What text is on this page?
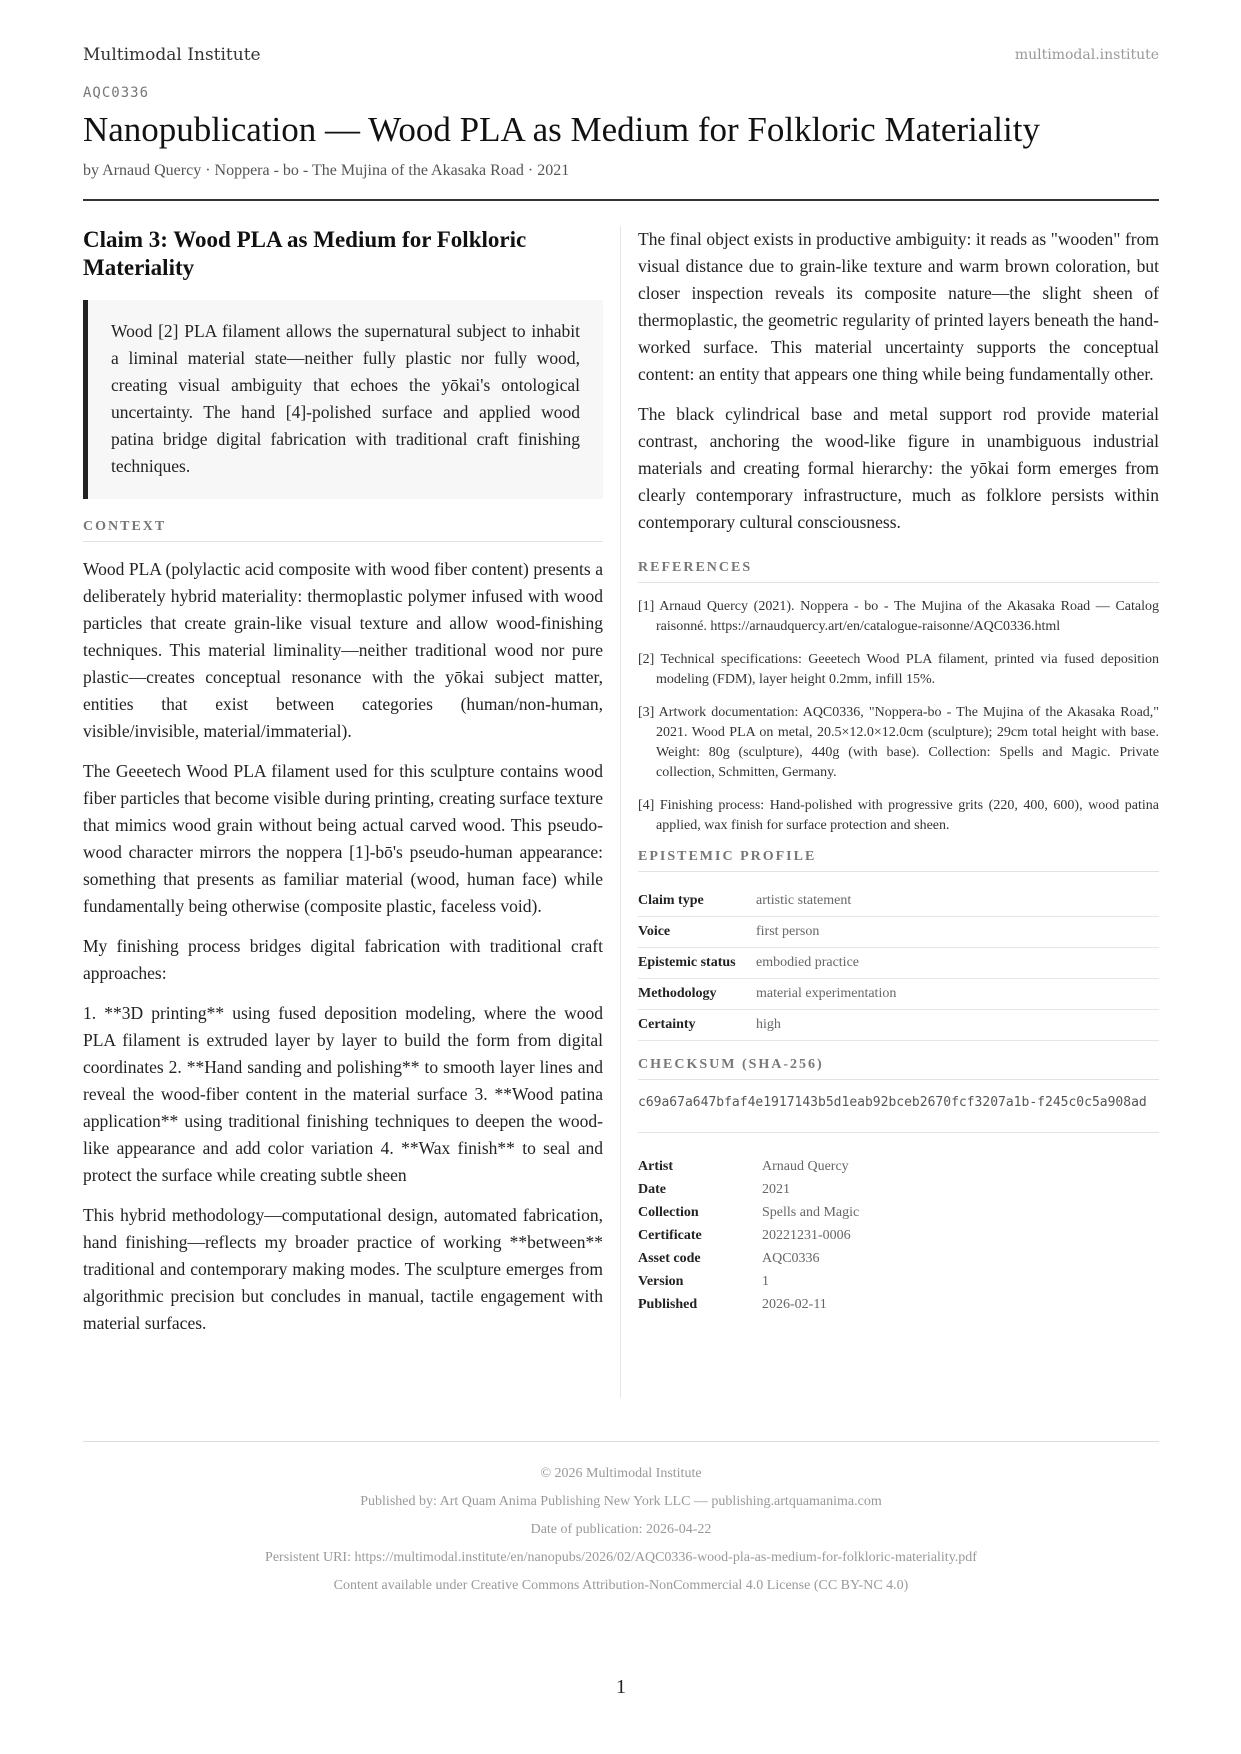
Multimodal Institute	multimodal.institute
AQC0336
Nanopublication — Wood PLA as Medium for Folkloric Materiality
by Arnaud Quercy · Noppera - bo - The Mujina of the Akasaka Road · 2021
Claim 3: Wood PLA as Medium for Folkloric Materiality

Wood [2] PLA filament allows the supernatural subject to inhabit a liminal material state—neither fully plastic nor fully wood, creating visual ambiguity that echoes the yōkai's ontological uncertainty. The hand [4]-polished surface and applied wood patina bridge digital fabrication with traditional craft finishing techniques.

CONTEXT

Wood PLA (polylactic acid composite with wood fiber content) presents a deliberately hybrid materiality: thermoplastic polymer infused with wood particles that create grain-like visual texture and allow wood-finishing techniques. This material liminality—neither traditional wood nor pure plastic—creates conceptual resonance with the yōkai subject matter, entities that exist between categories (human/non-human, visible/invisible, material/immaterial).

The Geeetech Wood PLA filament used for this sculpture contains wood fiber particles that become visible during printing, creating surface texture that mimics wood grain without being actual carved wood. This pseudo-wood character mirrors the noppera [1]-bō's pseudo-human appearance: something that presents as familiar material (wood, human face) while fundamentally being otherwise (composite plastic, faceless void).

My finishing process bridges digital fabrication with traditional craft approaches:

1. **3D printing** using fused deposition modeling, where the wood PLA filament is extruded layer by layer to build the form from digital coordinates 2. **Hand sanding and polishing** to smooth layer lines and reveal the wood-fiber content in the material surface 3. **Wood patina application** using traditional finishing techniques to deepen the wood-like appearance and add color variation 4. **Wax finish** to seal and protect the surface while creating subtle sheen

This hybrid methodology—computational design, automated fabrication, hand finishing—reflects my broader practice of working **between** traditional and contemporary making modes. The sculpture emerges from algorithmic precision but concludes in manual, tactile engagement with material surfaces.

The final object exists in productive ambiguity: it reads as "wooden" from visual distance due to grain-like texture and warm brown coloration, but closer inspection reveals its composite nature—the slight sheen of thermoplastic, the geometric regularity of printed layers beneath the hand-worked surface. This material uncertainty supports the conceptual content: an entity that appears one thing while being fundamentally other.

The black cylindrical base and metal support rod provide material contrast, anchoring the wood-like figure in unambiguous industrial materials and creating formal hierarchy: the yōkai form emerges from clearly contemporary infrastructure, much as folklore persists within contemporary cultural consciousness.

REFERENCES
[1] Arnaud Quercy (2021). Noppera - bo - The Mujina of the Akasaka Road — Catalog raisonné. https://arnaudquercy.art/en/catalogue-raisonne/AQC0336.html
[2] Technical specifications: Geeetech Wood PLA filament, printed via fused deposition modeling (FDM), layer height 0.2mm, infill 15%.
[3] Artwork documentation: AQC0336, "Noppera-bo - The Mujina of the Akasaka Road," 2021. Wood PLA on metal, 20.5×12.0×12.0cm (sculpture); 29cm total height with base. Weight: 80g (sculpture), 440g (with base). Collection: Spells and Magic. Private collection, Schmitten, Germany.
[4] Finishing process: Hand-polished with progressive grits (220, 400, 600), wood patina applied, wax finish for surface protection and sheen.
EPISTEMIC PROFILE
Claim type	artistic statement
Voice	first person
Epistemic status	embodied practice
Methodology	material experimentation
Certainty	high
CHECKSUM (SHA-256)
c69a67a647bfaf4e1917143b5d1eab92bceb2670fcf3207a1b-f245c0c5a908ad
Artist	Arnaud Quercy
Date	2021
Collection	Spells and Magic
Certificate	20221231-0006
Asset code	AQC0336
Version	1
Published	2026-02-11
© 2026 Multimodal Institute
Published by: Art Quam Anima Publishing New York LLC — publishing.artquamanima.com
Date of publication: 2026-04-22
Persistent URI: https://multimodal.institute/en/nanopubs/2026/02/AQC0336-wood-pla-as-medium-for-folkloric-materiality.pdf
Content available under Creative Commons Attribution-NonCommercial 4.0 License (CC BY-NC 4.0)
1
